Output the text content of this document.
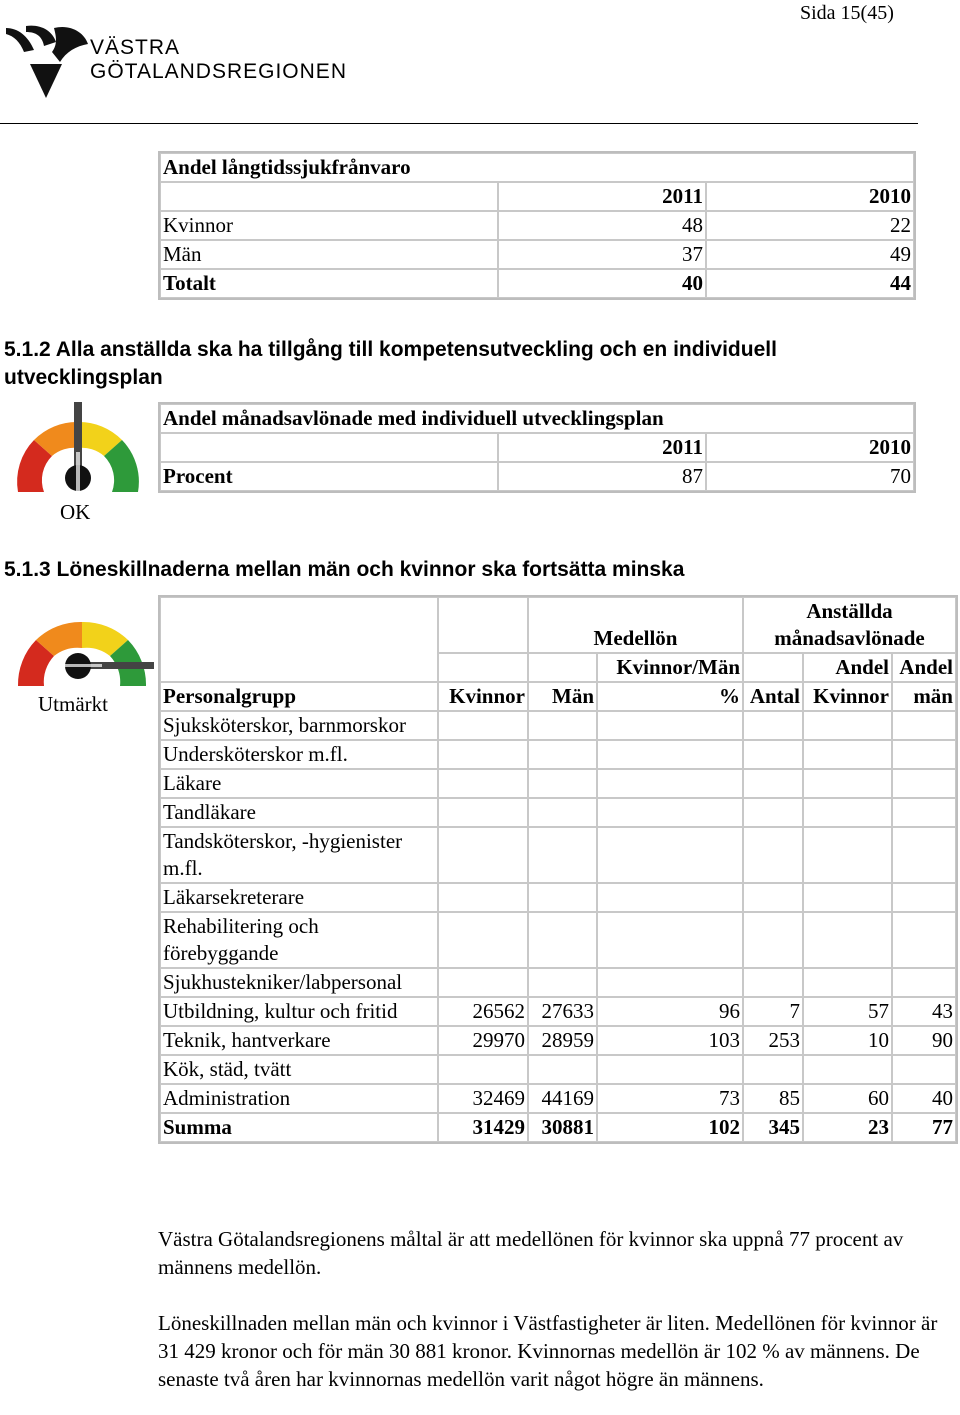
Sida 15(45)
VÄSTRA
GÖTALANDSREGIONEN
Andel långtidssjukfrånvaro		
	2011	2010
Kvinnor	48	22
Män	37	49
Totalt	40	44
5.1.2 Alla anställda ska ha tillgång till kompetensutveckling och en individuell utvecklingsplan
OK
Andel månadsavlönade med individuell utvecklingsplan		
	2011	2010
Procent	87	70
5.1.3 Löneskillnaderna mellan män och kvinnor ska fortsätta minska
Utmärkt
		Medellön		Anställda månadsavlönade		
			Kvinnor/Män		Andel	Andel
Personalgrupp	Kvinnor	Män	%	Antal	Kvinnor	män
Sjuksköterskor, barnmorskor						
Undersköterskor m.fl.						
Läkare						
Tandläkare						
Tandsköterskor, -hygienister m.fl.						
Läkarsekreterare						
Rehabilitering och förebyggande						
Sjukhustekniker/labpersonal						
Utbildning, kultur och fritid	26562	27633	96	7	57	43
Teknik, hantverkare	29970	28959	103	253	10	90
Kök, städ, tvätt						
Administration	32469	44169	73	85	60	40
Summa	31429	30881	102	345	23	77
Västra Götalandsregionens måltal är att medellönen för kvinnor ska uppnå 77 procent av männens medellön.
Löneskillnaden mellan män och kvinnor i Västfastigheter är liten. Medellönen för kvinnor är 31 429 kronor och för män 30 881 kronor. Kvinnornas medellön är 102 % av männens. De senaste två åren har kvinnornas medellön varit något högre än männens.
